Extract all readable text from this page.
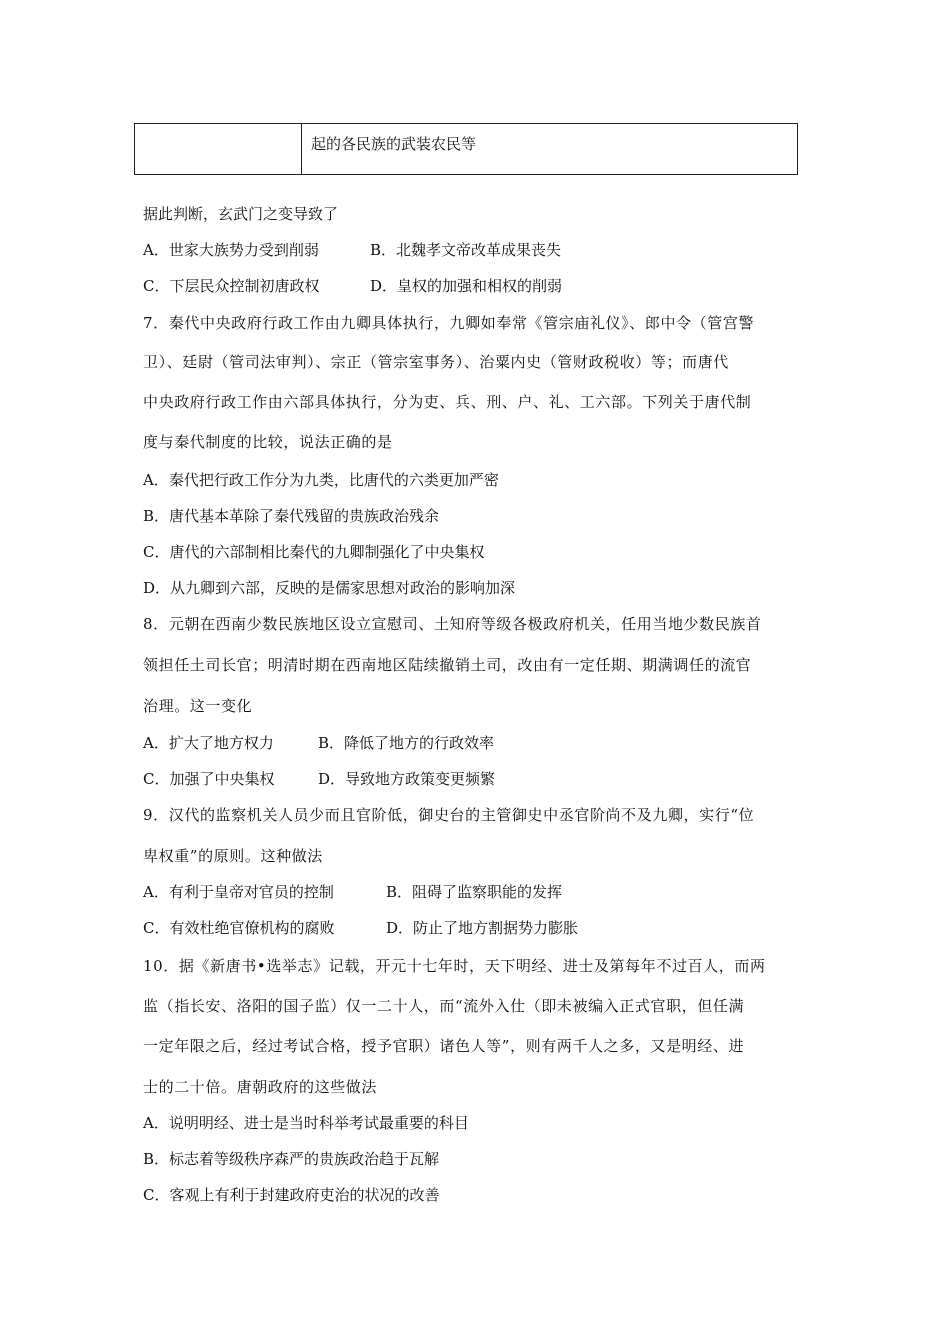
起的各民族的武装农民等
据此判断，玄武门之变导致了
A．世家大族势力受到削弱	B．北魏孝文帝改革成果丧失
C．下层民众控制初唐政权	D．皇权的加强和相权的削弱
7．秦代中央政府行政工作由九卿具体执行，九卿如奉常《管宗庙礼仪》、郎中令（管宫警
卫）、廷尉（管司法审判）、宗正（管宗室事务）、治粟内史（管财政税收）等；而唐代
中央政府行政工作由六部具体执行，分为吏、兵、刑、户、礼、工六部。下列关于唐代制
度与秦代制度的比较，说法正确的是
A．秦代把行政工作分为九类，比唐代的六类更加严密
B．唐代基本革除了秦代残留的贵族政治残余
C．唐代的六部制相比秦代的九卿制强化了中央集权
D．从九卿到六部，反映的是儒家思想对政治的影响加深
8．元朝在西南少数民族地区设立宣慰司、土知府等级各极政府机关，任用当地少数民族首
领担任土司长官；明清时期在西南地区陆续撤销土司，改由有一定任期、期满调任的流官
治理。这一变化
A．扩大了地方权力	B．降低了地方的行政效率
C．加强了中央集权	D．导致地方政策变更频繁
9．汉代的监察机关人员少而且官阶低，御史台的主管御史中丞官阶尚不及九卿，实行“位
卑权重”的原则。这种做法
A．有利于皇帝对官员的控制	B．阻碍了监察职能的发挥
C．有效杜绝官僚机构的腐败	D．防止了地方割据势力膨胀
10．据《新唐书•选举志》记载，开元十七年时，天下明经、进士及第每年不过百人，而两
监（指长安、洛阳的国子监）仅一二十人，而“流外入仕（即未被编入正式官职，但任满
一定年限之后，经过考试合格，授予官职）诸色人等”，则有两千人之多，又是明经、进
士的二十倍。唐朝政府的这些做法
A．说明明经、进士是当时科举考试最重要的科目
B．标志着等级秩序森严的贵族政治趋于瓦解
C．客观上有利于封建政府吏治的状况的改善
